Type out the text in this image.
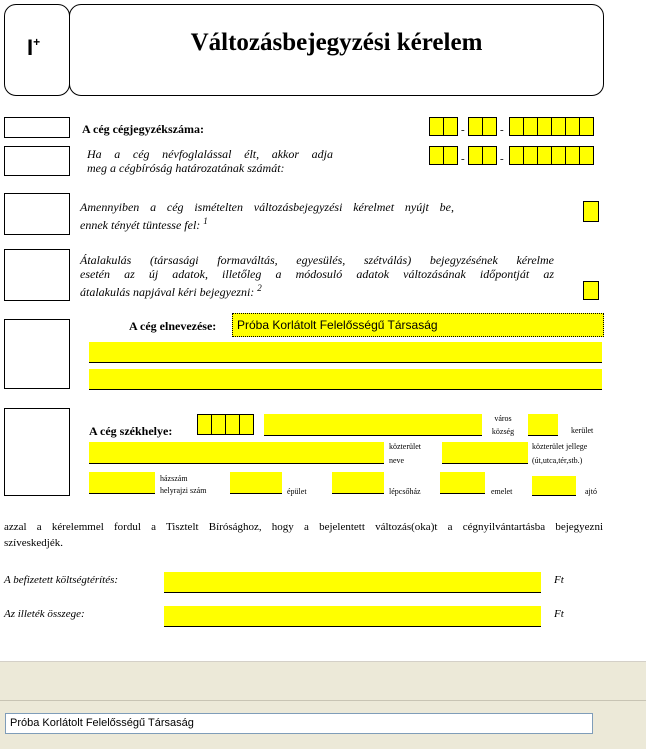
I+	Változásbejegyzési kérelem
A cég cégjegyzékszáma:	-	-
Ha a cég névfoglalással élt, akkor adja
meg a cégbíróság határozatának számát:
-	-
Amennyiben a cég ismételten változásbejegyzési kérelmet nyújt be,
ennek tényét tüntesse fel: $^1$
Átalakulás (társasági formaváltás, egyesülés, szétválás) bejegyzésének kérelme
esetén az új adatok, illetőleg a módosuló adatok változásának időpontját az
átalakulás napjával kéri bejegyezni: $^2$
A cég elnevezése: Próba Korlátolt Felelősségű Társaság
A cég székhelye:
város
község	kerület
közterület
neve
közterület jellege
(út,utca,tér,stb.)
házszám
helyrajzi szám	épület	lépcsőház	emelet	ajtó
azzal a kérelemmel fordul a Tisztelt Bírósághoz, hogy a bejelentett változás(oka)t a cégnyilvántartásba bejegyezni
szíveskedjék.
A befizetett költségtérítés:	Ft
Az illeték összege:	Ft
Próba Korlátolt Felelősségű Társaság
